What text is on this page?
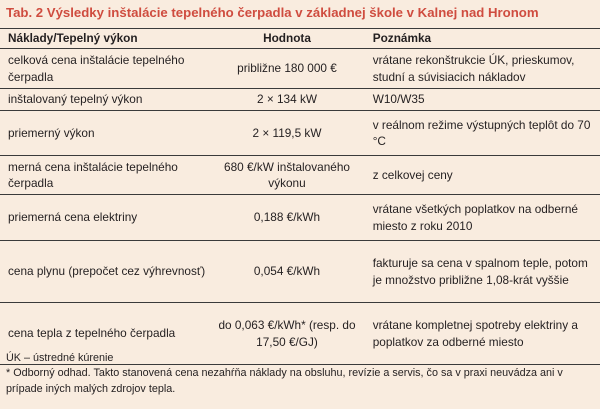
Tab. 2 Výsledky inštalácie tepelného čerpadla v základnej škole v Kalnej nad Hronom
Náklady/Tepelný výkon	Hodnota	Poznámka
celková cena inštalácie tepelného čerpadla	približne 180 000 €	vrátane rekonštrukcie ÚK, prieskumov, studní a súvisiacich nákladov
inštalovaný tepelný výkon	2 × 134 kW	W10/W35
priemerný výkon	2 × 119,5 kW	v reálnom režime výstupných teplôt do 70 °C
merná cena inštalácie tepelného čerpadla	680 €/kW inštalovaného výkonu	z celkovej ceny
priemerná cena elektriny	0,188 €/kWh	vrátane všetkých poplatkov na odberné miesto z roku 2010
cena plynu (prepočet cez výhrevnosť)	0,054 €/kWh	fakturuje sa cena v spalnom teple, potom je množstvo približne 1,08-krát vyššie
cena tepla z tepelného čerpadla	do 0,063 €/kWh* (resp. do 17,50 €/GJ)	vrátane kompletnej spotreby elektriny a poplatkov za odberné miesto
ÚK – ústredné kúrenie
* Odborný odhad. Takto stanovená cena nezahŕňa náklady na obsluhu, revízie a servis, čo sa v praxi neuvádza ani v prípade iných malých zdrojov tepla.
